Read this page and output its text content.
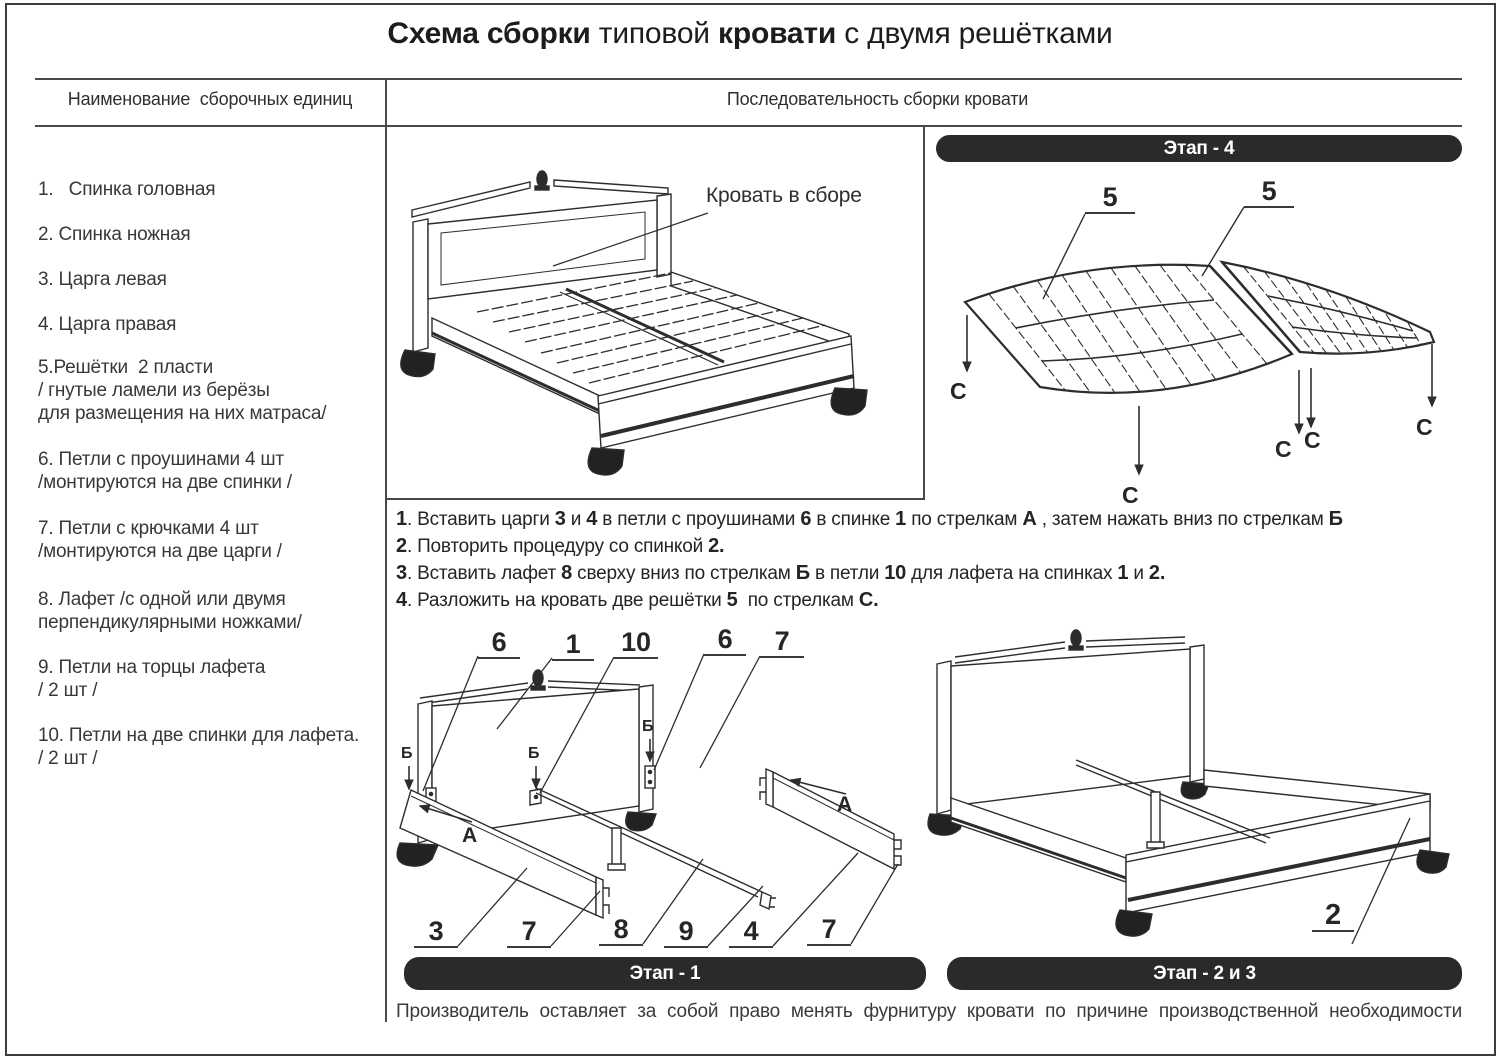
Схема сборки типовой кровати с двумя решётками
Наименование  сборочных единиц	Последовательность сборки кровати
1.   Спинка головная
2. Спинка ножная
3. Царга левая
4. Царга правая
5.Решётки  2 пласти
/ гнутые ламели из берёзы
для размещения на них матраса/
6. Петли с проушинами 4 шт
/монтируются на две спинки /
7. Петли с крючками 4 шт
/монтируются на две царги /
8. Лафет /с одной или двумя
перпендикулярными ножками/
9. Петли на торцы лафета
/ 2 шт /
10. Петли на две спинки для лафета.
/ 2 шт /
Кровать в сборе
Этап - 4
5	5
С
С
С С	С
1. Вставить царги 3 и 4 в петли с проушинами 6 в спинке 1 по стрелкам А , затем нажать вниз по стрелкам Б
2. Повторить процедуру со спинкой 2.
3. Вставить лафет 8 сверху вниз по стрелкам Б в петли 10 для лафета на спинках 1 и 2.
4. Разложить на кровать две решётки 5  по стрелкам С.
6	1	10	6	7
Б	Б
Б
А
А
3	7	8	9	4	7
Этап - 1
2
Этап - 2 и 3
Производитель оставляет за собой право менять фурнитуру кровати по причине производственной необходимости
